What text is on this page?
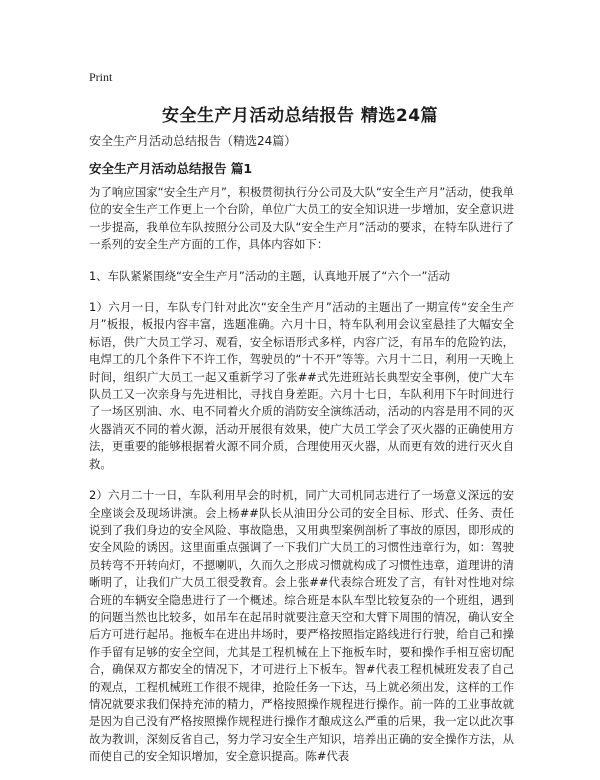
Print
安全生产月活动总结报告 精选24篇
安全生产月活动总结报告（精选24篇）
安全生产月活动总结报告 篇1

为了响应国家“安全生产月”，积极贯彻执行分公司及大队“安全生产月”活动，使我单位的安全生产工作更上一个台阶，单位广大员工的安全知识进一步增加，安全意识进一步提高，我单位车队按照分公司及大队“安全生产月”活动的要求，在特车队进行了一系列的安全生产方面的工作，具体内容如下：

1、车队紧紧围绕“安全生产月”活动的主题，认真地开展了“六个一”活动

1）六月一日，车队专门针对此次“安全生产月”活动的主题出了一期宣传“安全生产月”板报，板报内容丰富，选题准确。六月十日，特车队利用会议室悬挂了大幅安全标语，供广大员工学习、观看，安全标语形式多样，内容广泛，有吊车的危险钓法，电焊工的几个条件下不许工作，驾驶员的“十不开”等等。六月十二日，利用一天晚上时间，组织广大员工一起又重新学习了张##式先进班站长典型安全事例，使广大车队员工又一次亲身与先进相比，寻找自身差距。六月十七日，车队利用下午时间进行了一场区别油、水、电不同着火介质的消防安全演练活动，活动的内容是用不同的灭火器消灭不同的着火源，活动开展很有效果，使广大员工学会了灭火器的正确使用方法，更重要的能够根据着火源不同介质，合理使用灭火器，从而更有效的进行灭火自救。

2）六月二十一日，车队利用早会的时机，同广大司机同志进行了一场意义深远的安全座谈会及现场讲演。会上杨##队长从油田分公司的安全目标、形式、任务、责任说到了我们身边的安全风险、事故隐患，又用典型案例剖析了事故的原因，即形成的安全风险的诱因。这里面重点强调了一下我们广大员工的习惯性违章行为，如：驾驶员转弯不开转向灯，不摁喇叭，久而久之形成习惯就构成了习惯性违章，道理讲的清晰明了，让我们广大员工很受教育。会上张##代表综合班发了言，有针对性地对综合班的车辆安全隐患进行了一个概述。综合班是本队车型比较复杂的一个班组，遇到的问题当然也比较多，如吊车在起吊时就要注意天空和大臂下周围的情况，确认安全后方可进行起吊。拖板车在进出井场时，要严格按照指定路线进行行驶，给自己和操作手留有足够的安全空间，尤其是工程机械在上下拖板车时，要和操作手相互密切配合，确保双方都安全的情况下，才可进行上下板车。智#代表工程机械班发表了自己的观点，工程机械班工作很不规律，抢险任务一下达，马上就必须出发，这样的工作情况就要求我们保持充沛的精力，严格按照操作规程进行操作。前一阵的工业事故就是因为自己没有严格按照操作规程进行操作才酿成这么严重的后果，我一定以此次事故为教训，深刻反省自己，努力学习安全生产知识，培养出正确的安全操作方法，从而使自己的安全知识增加，安全意识提高。陈#代表
